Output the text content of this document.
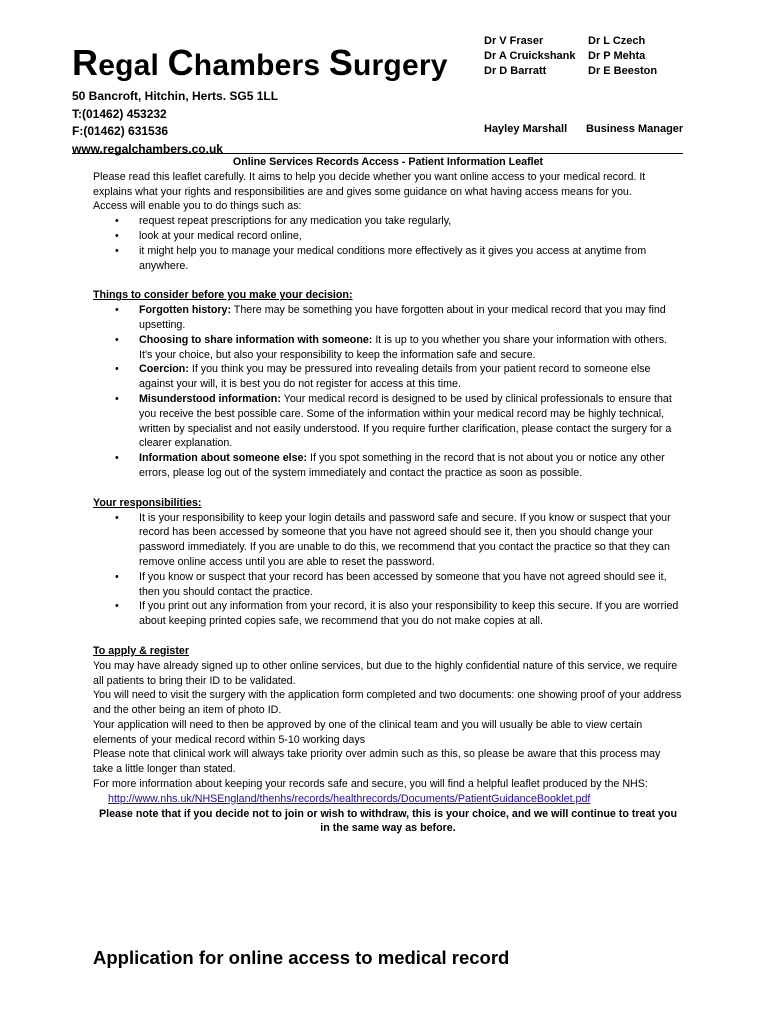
Regal Chambers Surgery
50 Bancroft, Hitchin, Herts. SG5 1LL
T:(01462) 453232
F:(01462) 631536
www.regalchambers.co.uk
Dr V Fraser
Dr A Cruickshank
Dr D Barratt
Dr L Czech
Dr P Mehta
Dr E Beeston
Hayley Marshall Business Manager

Online Services Records Access - Patient Information Leaflet

Please read this leaflet carefully. It aims to help you decide whether you want online access to your medical record. It explains what your rights and responsibilities are and gives some guidance on what having access means for you.

Access will enable you to do things such as:

• request repeat prescriptions for any medication you take regularly,
• look at your medical record online,
• it might help you to manage your medical conditions more effectively as it gives you access at anytime from anywhere.

Things to consider before you make your decision:

• Forgotten history: There may be something you have forgotten about in your medical record that you may find upsetting.
• Choosing to share information with someone: It is up to you whether you share your information with others. It's your choice, but also your responsibility to keep the information safe and secure.
• Coercion: If you think you may be pressured into revealing details from your patient record to someone else against your will, it is best you do not register for access at this time.
• Misunderstood information: Your medical record is designed to be used by clinical professionals to ensure that you receive the best possible care. Some of the information within your medical record may be highly technical, written by specialist and not easily understood. If you require further clarification, please contact the surgery for a clearer explanation.
• Information about someone else: If you spot something in the record that is not about you or notice any other errors, please log out of the system immediately and contact the practice as soon as possible.

Your responsibilities:

• It is your responsibility to keep your login details and password safe and secure. If you know or suspect that your record has been accessed by someone that you have not agreed should see it, then you should change your password immediately. If you are unable to do this, we recommend that you contact the practice so that they can remove online access until you are able to reset the password.
• If you know or suspect that your record has been accessed by someone that you have not agreed should see it, then you should contact the practice.
• If you print out any information from your record, it is also your responsibility to keep this secure. If you are worried about keeping printed copies safe, we recommend that you do not make copies at all.

To apply & register

You may have already signed up to other online services, but due to the highly confidential nature of this service, we require all patients to bring their ID to be validated.

You will need to visit the surgery with the application form completed and two documents: one showing proof of your address and the other being an item of photo ID.

Your application will need to then be approved by one of the clinical team and you will usually be able to view certain elements of your medical record within 5-10 working days

Please note that clinical work will always take priority over admin such as this, so please be aware that this process may take a little longer than stated.

For more information about keeping your records safe and secure, you will find a helpful leaflet produced by the NHS:

http://www.nhs.uk/NHSEngland/thenhs/records/healthrecords/Documents/PatientGuidanceBooklet.pdf

Please note that if you decide not to join or wish to withdraw, this is your choice, and we will continue to treat you in the same way as before.

Application for online access to medical record
